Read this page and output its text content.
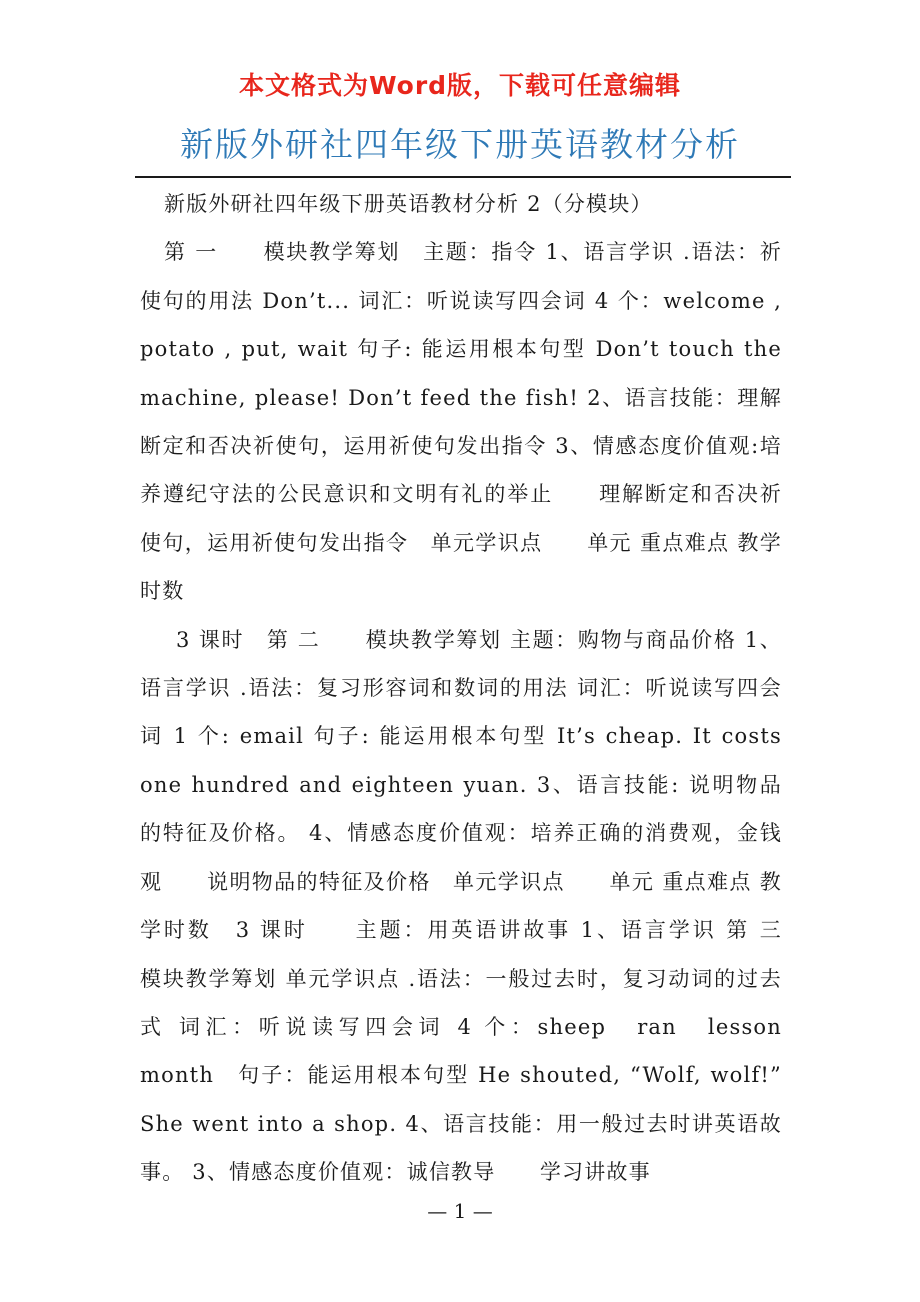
本文格式为Word版，下载可任意编辑
新版外研社四年级下册英语教材分析

新版外研社四年级下册英语教材分析 2（分模块）

第 一　　模块教学筹划　主题：指令 1、语言学识 .语法：祈使句的用法 Don’t... 词汇：听说读写四会词 4 个：welcome , potato , put, wait 句子: 能运用根本句型 Don’t touch the machine, please! Don’t feed the fish! 2、语言技能：理解断定和否决祈使句，运用祈使句发出指令 3、情感态度价值观:培养遵纪守法的公民意识和文明有礼的举止　　理解断定和否决祈使句，运用祈使句发出指令　单元学识点　　单元 重点难点 教学时数

3 课时　第 二　　模块教学筹划 主题：购物与商品价格 1、语言学识 .语法：复习形容词和数词的用法 词汇：听说读写四会词 1 个: email 句子: 能运用根本句型 It’s cheap. It costs one hundred and eighteen yuan. 3、语言技能: 说明物品的特征及价格。 4、情感态度价值观：培养正确的消费观，金钱观　　说明物品的特征及价格　单元学识点　　单元 重点难点 教学时数　3 课时　　主题：用英语讲故事 1、语言学识 第 三　　模块教学筹划 单元学识点 .语法：一般过去时，复习动词的过去式 词汇：听说读写四会词 4 个：sheep　ran　lesson　month　句子：能运用根本句型 He shouted, “Wolf, wolf!” She went into a shop. 4、语言技能：用一般过去时讲英语故事。 3、情感态度价值观：诚信教导　　学习讲故事

— 1 —
